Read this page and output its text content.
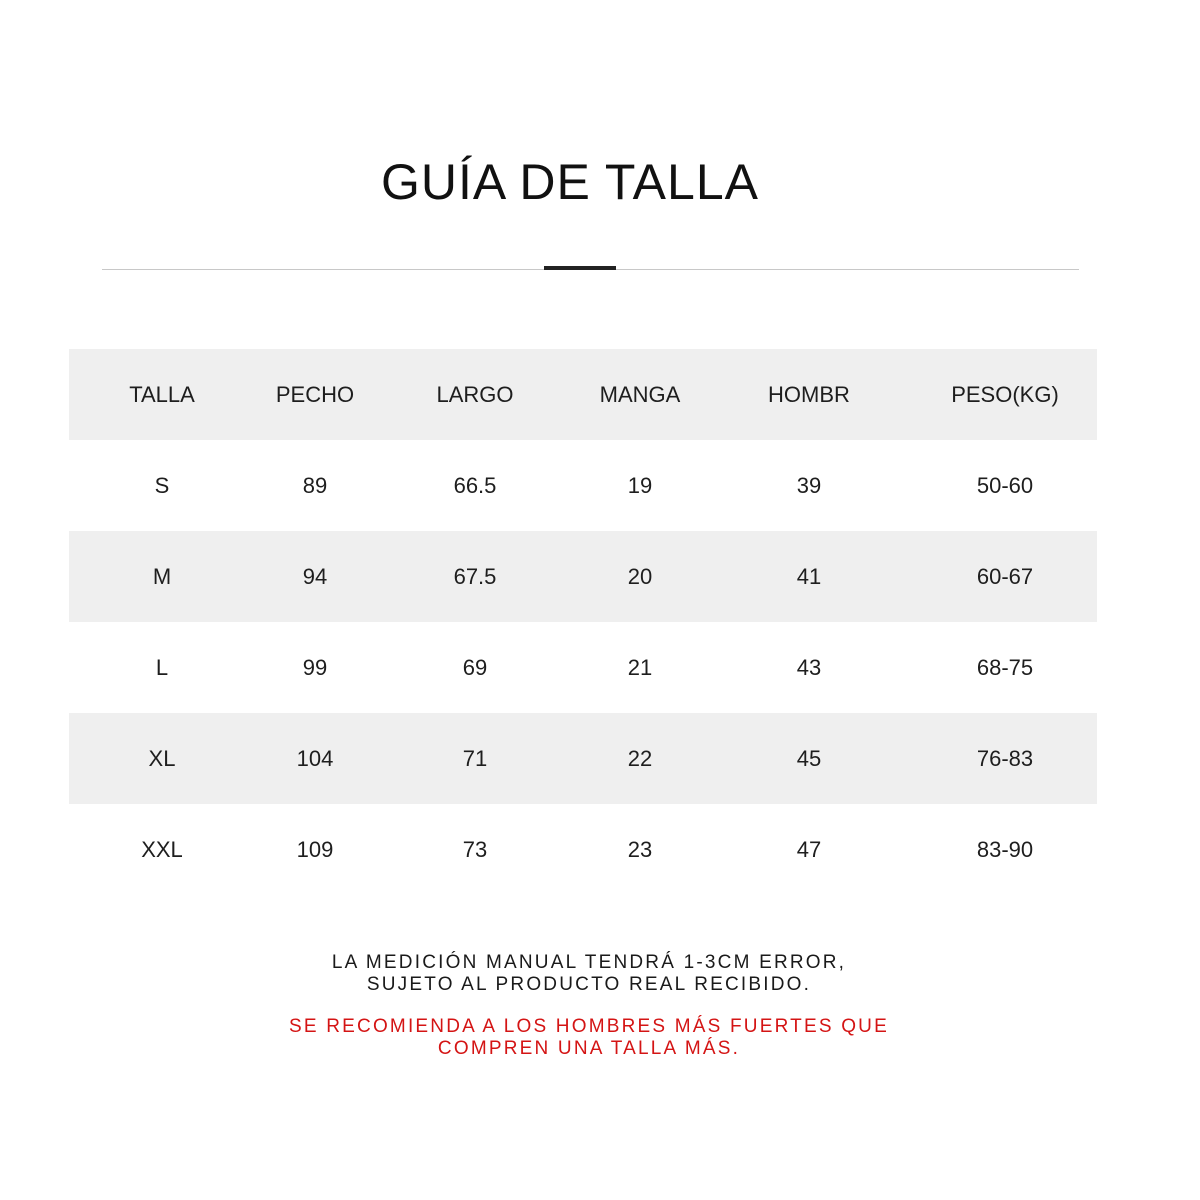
GUÍA DE TALLA
TALLA	PECHO	LARGO	MANGA	HOMBR	PESO(KG)
S	89	66.5	19	39	50-60
M	94	67.5	20	41	60-67
L	99	69	21	43	68-75
XL	104	71	22	45	76-83
XXL	109	73	23	47	83-90
LA MEDICIÓN MANUAL TENDRÁ 1-3CM ERROR,
SUJETO AL PRODUCTO REAL RECIBIDO.
SE RECOMIENDA A LOS HOMBRES MÁS FUERTES QUE
COMPREN UNA TALLA MÁS.
